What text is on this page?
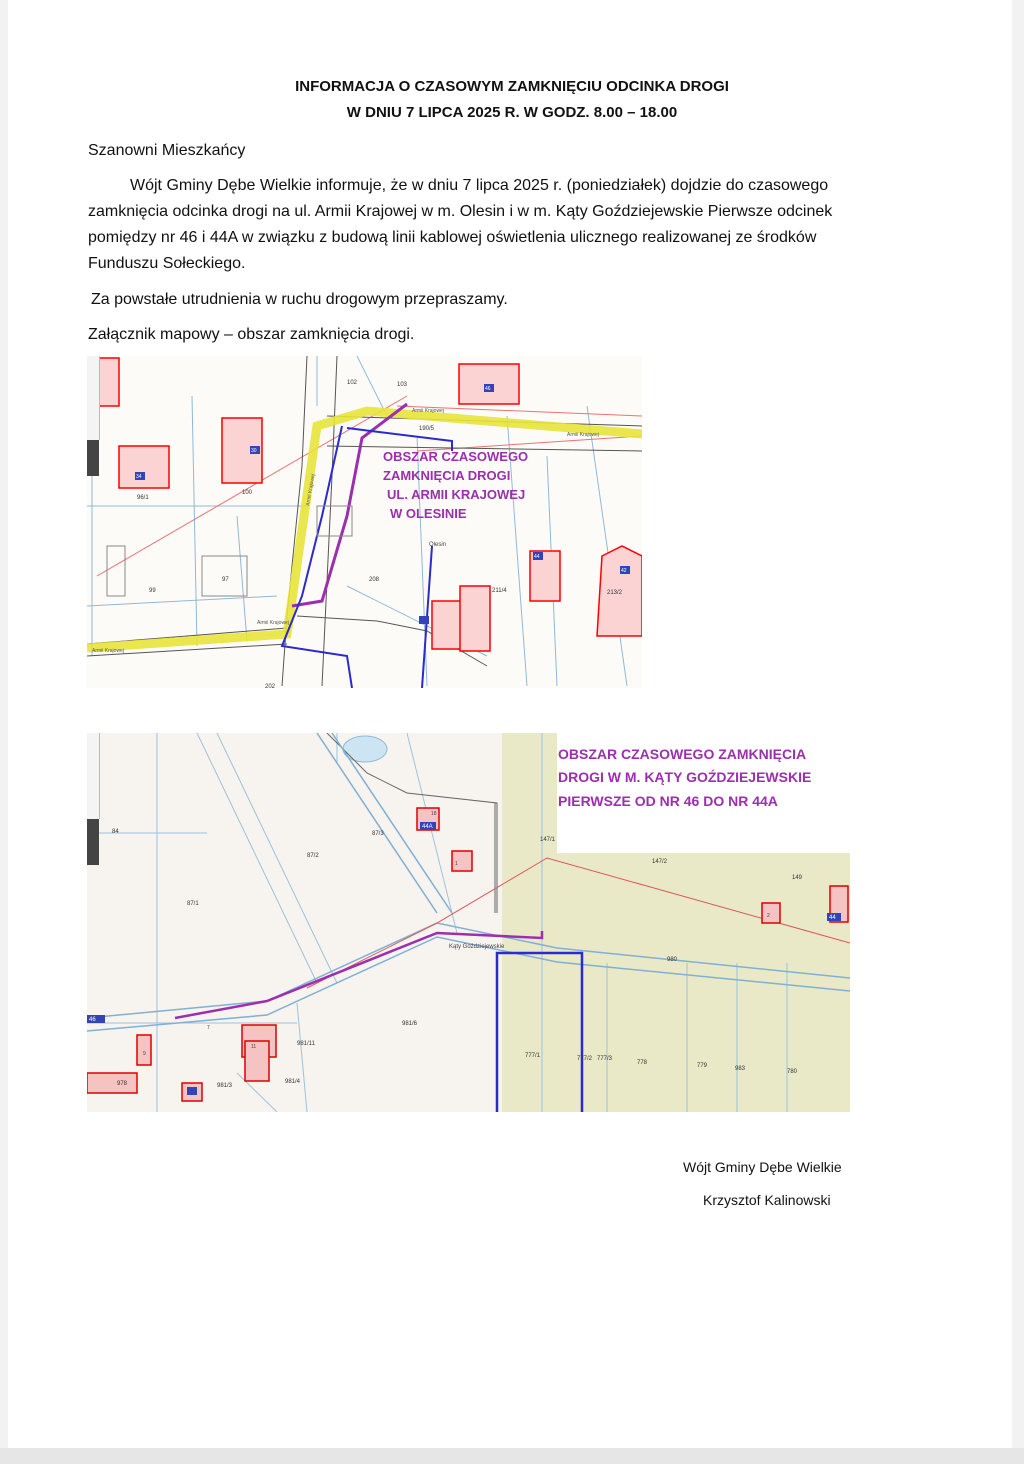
INFORMACJA O CZASOWYM ZAMKNIĘCIU ODCINKA DROGI
W DNIU 7 LIPCA 2025 R. W GODZ. 8.00 – 18.00
Szanowni Mieszkańcy
Wójt Gminy Dębe Wielkie informuje, że w dniu 7 lipca 2025 r. (poniedziałek) dojdzie do czasowego
zamknięcia odcinka drogi na ul. Armii Krajowej w m. Olesin i w m. Kąty Goździejewskie Pierwsze odcinek
pomiędzy nr 46 i 44A w związku z budową linii kablowej oświetlenia ulicznego realizowanej ze środków
Funduszu Sołeckiego.
Za powstałe utrudnienia w ruchu drogowym przepraszamy.
Załącznik mapowy – obszar zamknięcia drogi.
102	103
190/5
96/1
100
99
208
211/4	213/2
202
97
34
30
46
44
42
Armii Krajowej
Armii Krajowej
Armii Krajowej
Armii Krajowej
Armii Krajowej
Olesin
OBSZAR CZASOWEGO
ZAMKNIĘCIA DROGI
UL. ARMII KRAJOWEJ
W OLESINIE
44A
44
46
1
2
18
7
11
9
84
87/2
87/1
87/3
147/1
147/2
149
981/6
981/11
981/3
981/4
978
777/1	777/2 777/3
778	779
780
980
983
Kąty Goździejewskie
OBSZAR CZASOWEGO ZAMKNIĘCIA
DROGI W M. KĄTY GOŹDZIEJEWSKIE
PIERWSZE OD NR 46 DO NR 44A
Wójt Gminy Dębe Wielkie
Krzysztof Kalinowski
